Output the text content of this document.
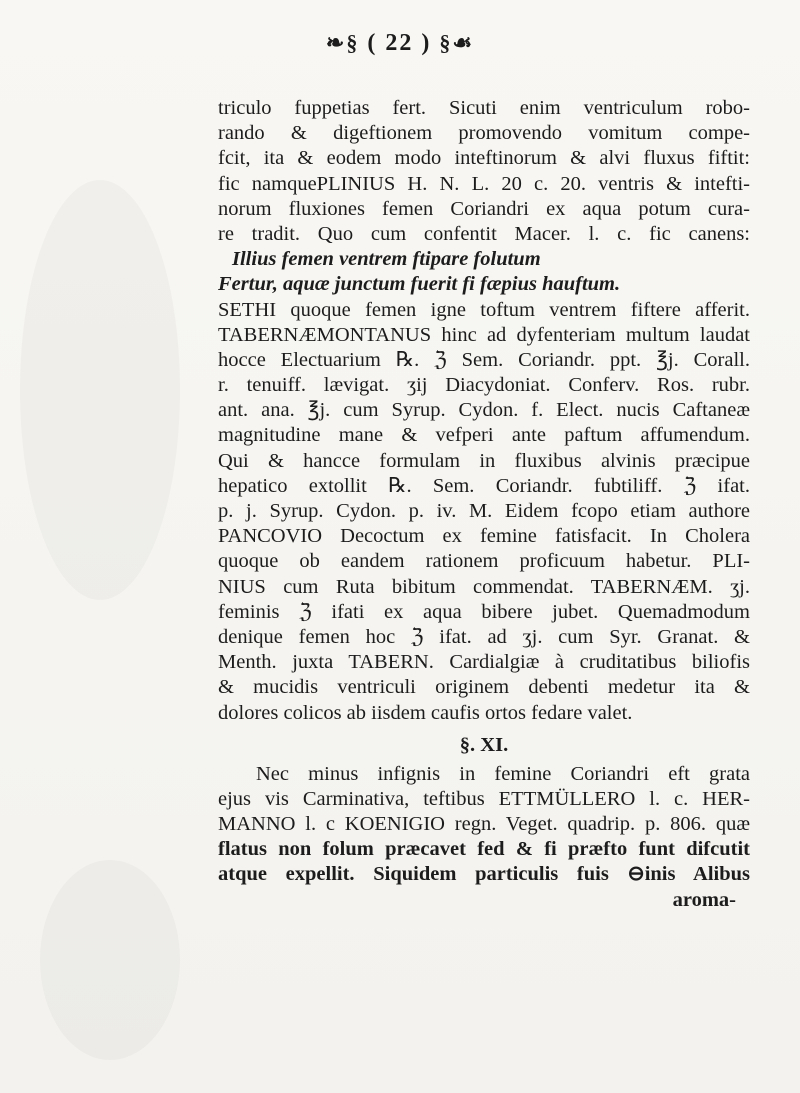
❧§ ( 22 ) §☙
triculo fuppetias fert. Sicuti enim ventriculum robo-
rando & digeftionem promovendo vomitum compe-
fcit, ita & eodem modo inteftinorum & alvi fluxus fiftit:
fic namquePLINIUS H. N. L. 20 c. 20. ventris & intefti-
norum fluxiones femen Coriandri ex aqua potum cura-
re tradit. Quo cum confentit Macer. l. c. fic canens:
Illius femen ventrem ftipare folutum
Fertur, aquæ junctum fuerit fi fæpius hauftum.
SETHI quoque femen igne toftum ventrem fiftere afferit.
TABERNÆMONTANUS hinc ad dyfenteriam multum laudat
hocce Electuarium ℞. ℨ Sem. Coriandr. ppt. ℥j. Corall.
r. tenuiff. lævigat. ʒij Diacydoniat. Conferv. Ros. rubr.
ant. ana. ℥j. cum Syrup. Cydon. f. Elect. nucis Caftaneæ
magnitudine mane & vefperi ante paftum affumendum.
Qui & hancce formulam in fluxibus alvinis præcipue
hepatico extollit ℞. Sem. Coriandr. fubtiliff. ℨ ifat.
p. j. Syrup. Cydon. p. iv. M. Eidem fcopo etiam authore
PANCOVIO Decoctum ex femine fatisfacit. In Cholera
quoque ob eandem rationem proficuum habetur. PLI-
NIUS cum Ruta bibitum commendat. TABERNÆM. ʒj.
feminis ℨ ifati ex aqua bibere jubet. Quemadmodum
denique femen hoc ℨ ifat. ad ʒj. cum Syr. Granat. &
Menth. juxta TABERN. Cardialgiæ à cruditatibus biliofis
& mucidis ventriculi originem debenti medetur ita &
dolores colicos ab iisdem caufis ortos fedare valet.
§. XI.
Nec minus infignis in femine Coriandri eft grata
ejus vis Carminativa, teftibus ETTMÜLLERO l. c. HER-
MANNO l. c KOENIGIO regn. Veget. quadrip. p. 806. quæ
flatus non folum præcavet fed & fi præfto funt difcutit
atque expellit. Siquidem particulis fuis ⊖inis Alibus
aroma-
